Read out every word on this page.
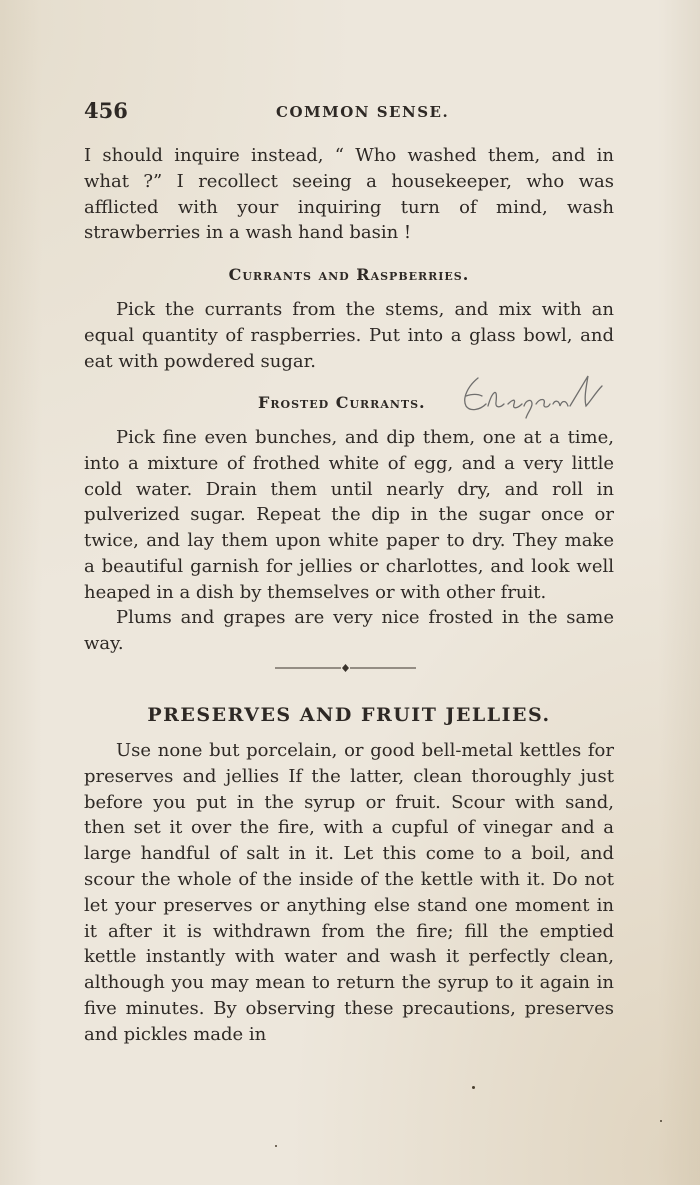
456	COMMON SENSE.

I should inquire instead, “ Who washed them, and in what ?” I recollect seeing a housekeeper, who was afflicted with your inquiring turn of mind, wash strawberries in a wash hand basin !

Currants and Raspberries.

Pick the currants from the stems, and mix with an equal quantity of raspberries. Put into a glass bowl, and eat with powdered sugar.

Frosted Currants.

Pick fine even bunches, and dip them, one at a time, into a mixture of frothed white of egg, and a very little cold water. Drain them until nearly dry, and roll in pulverized sugar. Repeat the dip in the sugar once or twice, and lay them upon white paper to dry. They make a beautiful garnish for jellies or charlottes, and look well heaped in a dish by themselves or with other fruit.

Plums and grapes are very nice frosted in the same way.

PRESERVES AND FRUIT JELLIES.

Use none but porcelain, or good bell-metal kettles for preserves and jellies If the latter, clean thoroughly just before you put in the syrup or fruit. Scour with sand, then set it over the fire, with a cupful of vinegar and a large handful of salt in it. Let this come to a boil, and scour the whole of the inside of the kettle with it. Do not let your preserves or anything else stand one moment in it after it is withdrawn from the fire; fill the emptied kettle instantly with water and wash it perfectly clean, although you may mean to return the syrup to it again in five minutes. By observing these precautions, preserves and pickles made in
